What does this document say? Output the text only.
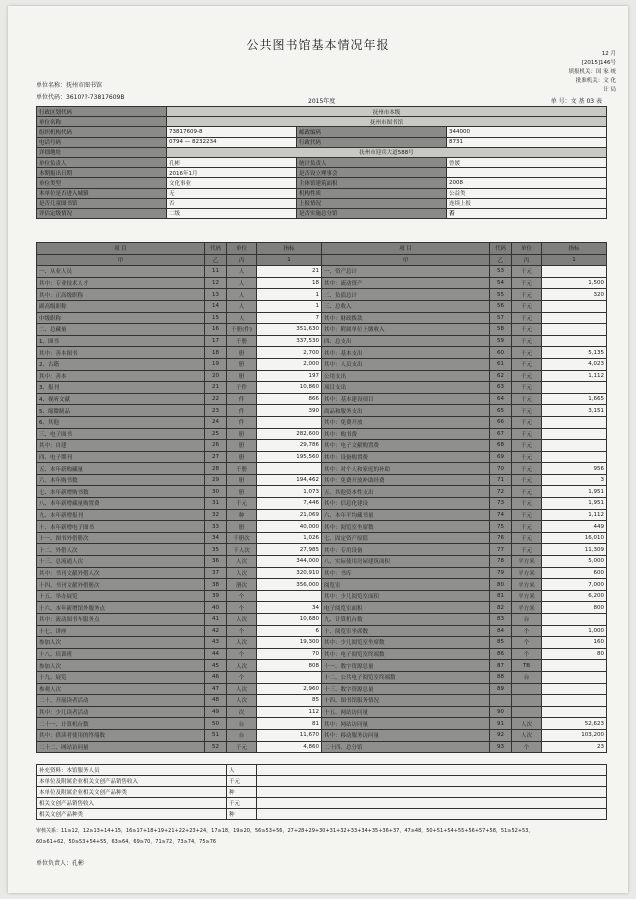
公共图书馆基本情况年报
12 月
[2015]146号
填报机关：国 家 统
批准机关：文 化
计 局
单位名称：抚州市图书馆
单位代码：3610??-73817609B
2015年度	单 号：文 基 03 表
行政区划代码	抚州市本级		
单位名称	抚州市图书馆		
组织机构代码	73817609-8	邮政编码	344000
电话号码	0794 — 8232234	行政代码	8731
详细地址	抚州市迎宾大道588号		
单位负责人	孔彬	统计负责人	曾媛
本期报出日期	2016年1月	是否设立理事会	
单位类型	文化事业	主体馆建筑面积	2008
本单位是否进入城镇	无	机构性质	公益类
是否儿童图书馆	否	上报情况	连续上报
评估定级情况	二级	是否实施总分馆	否
项 目	代码	单位	指标	项 目	代码	单位	指标
甲	乙	丙	1	甲	乙	丙	1
一、从业人员	11	人	21	一、资产总计	53	千元	
其中：专业技术人才	12	人	18	其中：流动资产	54	千元	1,500
其中：正高级职称	13	人	1	二、负债总计	55	千元	320
副高级职称	14	人	1	三、总收入	56	千元	
中级职称	15	人	7	其中：财政拨款	57	千元	
二、总藏量	16	千册(件)	351,630	其中：附属单位上缴收入	58	千元	
1、图书	17	千册	337,530	四、总支出	59	千元	
其中：善本图书	18	册	2,700	其中：基本支出	60	千元	5,135
2、古籍	19	册	2,000	其中：人员支出	61	千元	4,023
其中：善本	20	册	197	公用支出	62	千元	1,112
3、报刊	21	千件	10,860	项目支出	63	千元	
4、视听文献	22	件	866	其中：基本建设项目	64	千元	1,665
5、缩微制品	23	件	390	商品和服务支出	65	千元	3,151
6、其他	24	件		其中：免费开放	66	千元	
三、电子图书	25	册	282,600	其中：购书费	67	千元	
其中：自建	26	册	29,786	其中：电子文献购置费	68	千元	
四、电子期刊	27	册	195,560	其中：设备购置费	69	千元	
五、本年新购藏量	28	千册		其中：对个人和家庭的补助	70	千元	956
六、本年购书数	29	册	194,462	其中：免费开放补助经费	71	千元	3
七、本年新增购书数	30	册	1,073	五、其他资本性支出	72	千元	1,951
八、本年新增藏量购置费	31	千元	7,446	其中：信息化建设	73	千元	1,951
九、本年新增报刊	32	种	21,069	六、本年平均藏书量	74	千元	1,112
十、本年新增电子图书	33	册	40,000	其中：阅览室坐席数	75	千元	449
十一、图书外借册次	34	千册次	1,026	七、固定资产原值	76	千元	16,010
十二、外借人次	35	千人次	27,985	其中：专用设备	77	千元	11,309
十三、总流通人次	36	人次	344,000	八、实际使用房屋建筑面积	78	平方米	5,000
其中：书刊文献外借人次	37	人次	320,910	其中：书库	79	平方米	600
十四、书刊文献外借册次	38	册次	356,000	阅览室	80	平方米	7,000
十五、举办展览	39	个		其中：少儿阅览室面积	81	平方米	6,200
十六、本年新增馆外服务点	40	个	34	电子阅览室面积	82	平方米	800
其中：流动图书车服务点	41	人次	10,680	九、计算机台数	83	台	
十七、讲座	42	个	6	十、阅览室坐席数	84	个	1,000
参加人次	43	人次	19,300	其中：少儿阅览室坐席数	85	个	160
十八、培训班	44	个	70	其中：电子阅览室终端数	86	个	80
参加人次	45	人次	808	十一、数字资源总量	87	TB	
十九、展览	46	个		十二、公共电子阅览室终端数	88	台	
参观人次	47	人次	2,960	十三、数字资源总量	89		
二十、开展读者活动	48	人次	85	十四、图书馆服务情况			
其中：少儿读者活动	49	次	112	十五、网站访问量	90		
二十一、计算机台数	50	台	81	其中：网站访问量	91	人次	52,623
其中：供读者使用的终端数	51	台	11,670	其中：移动服务访问量	92	人次	103,200
二十二、网站访问量	52	千元	4,860	二十四、总分馆	93	个	23
补充资料：本馆服务人员	人	
本单位及附属企业相关文创产品销售收入	千元	
本单位及附属企业相关文创产品种类	种	
相关文创产品销售收入	千元	
相关文创产品种类	种	
审核关系：11≥12，12≥13+14+15，16≥17+18+19+21+22+23+24，17≥18，19≥20，56≥53+56，27+28+29+30+31+32+33+34+35+36+37，47≥48，50+51+54+55+56+57+58，51≥52+53，
60≥61+62，50≥53+54+55，63≥64，69≥70，71≥72，73≥74，75≥76
单位负责人：孔彬
